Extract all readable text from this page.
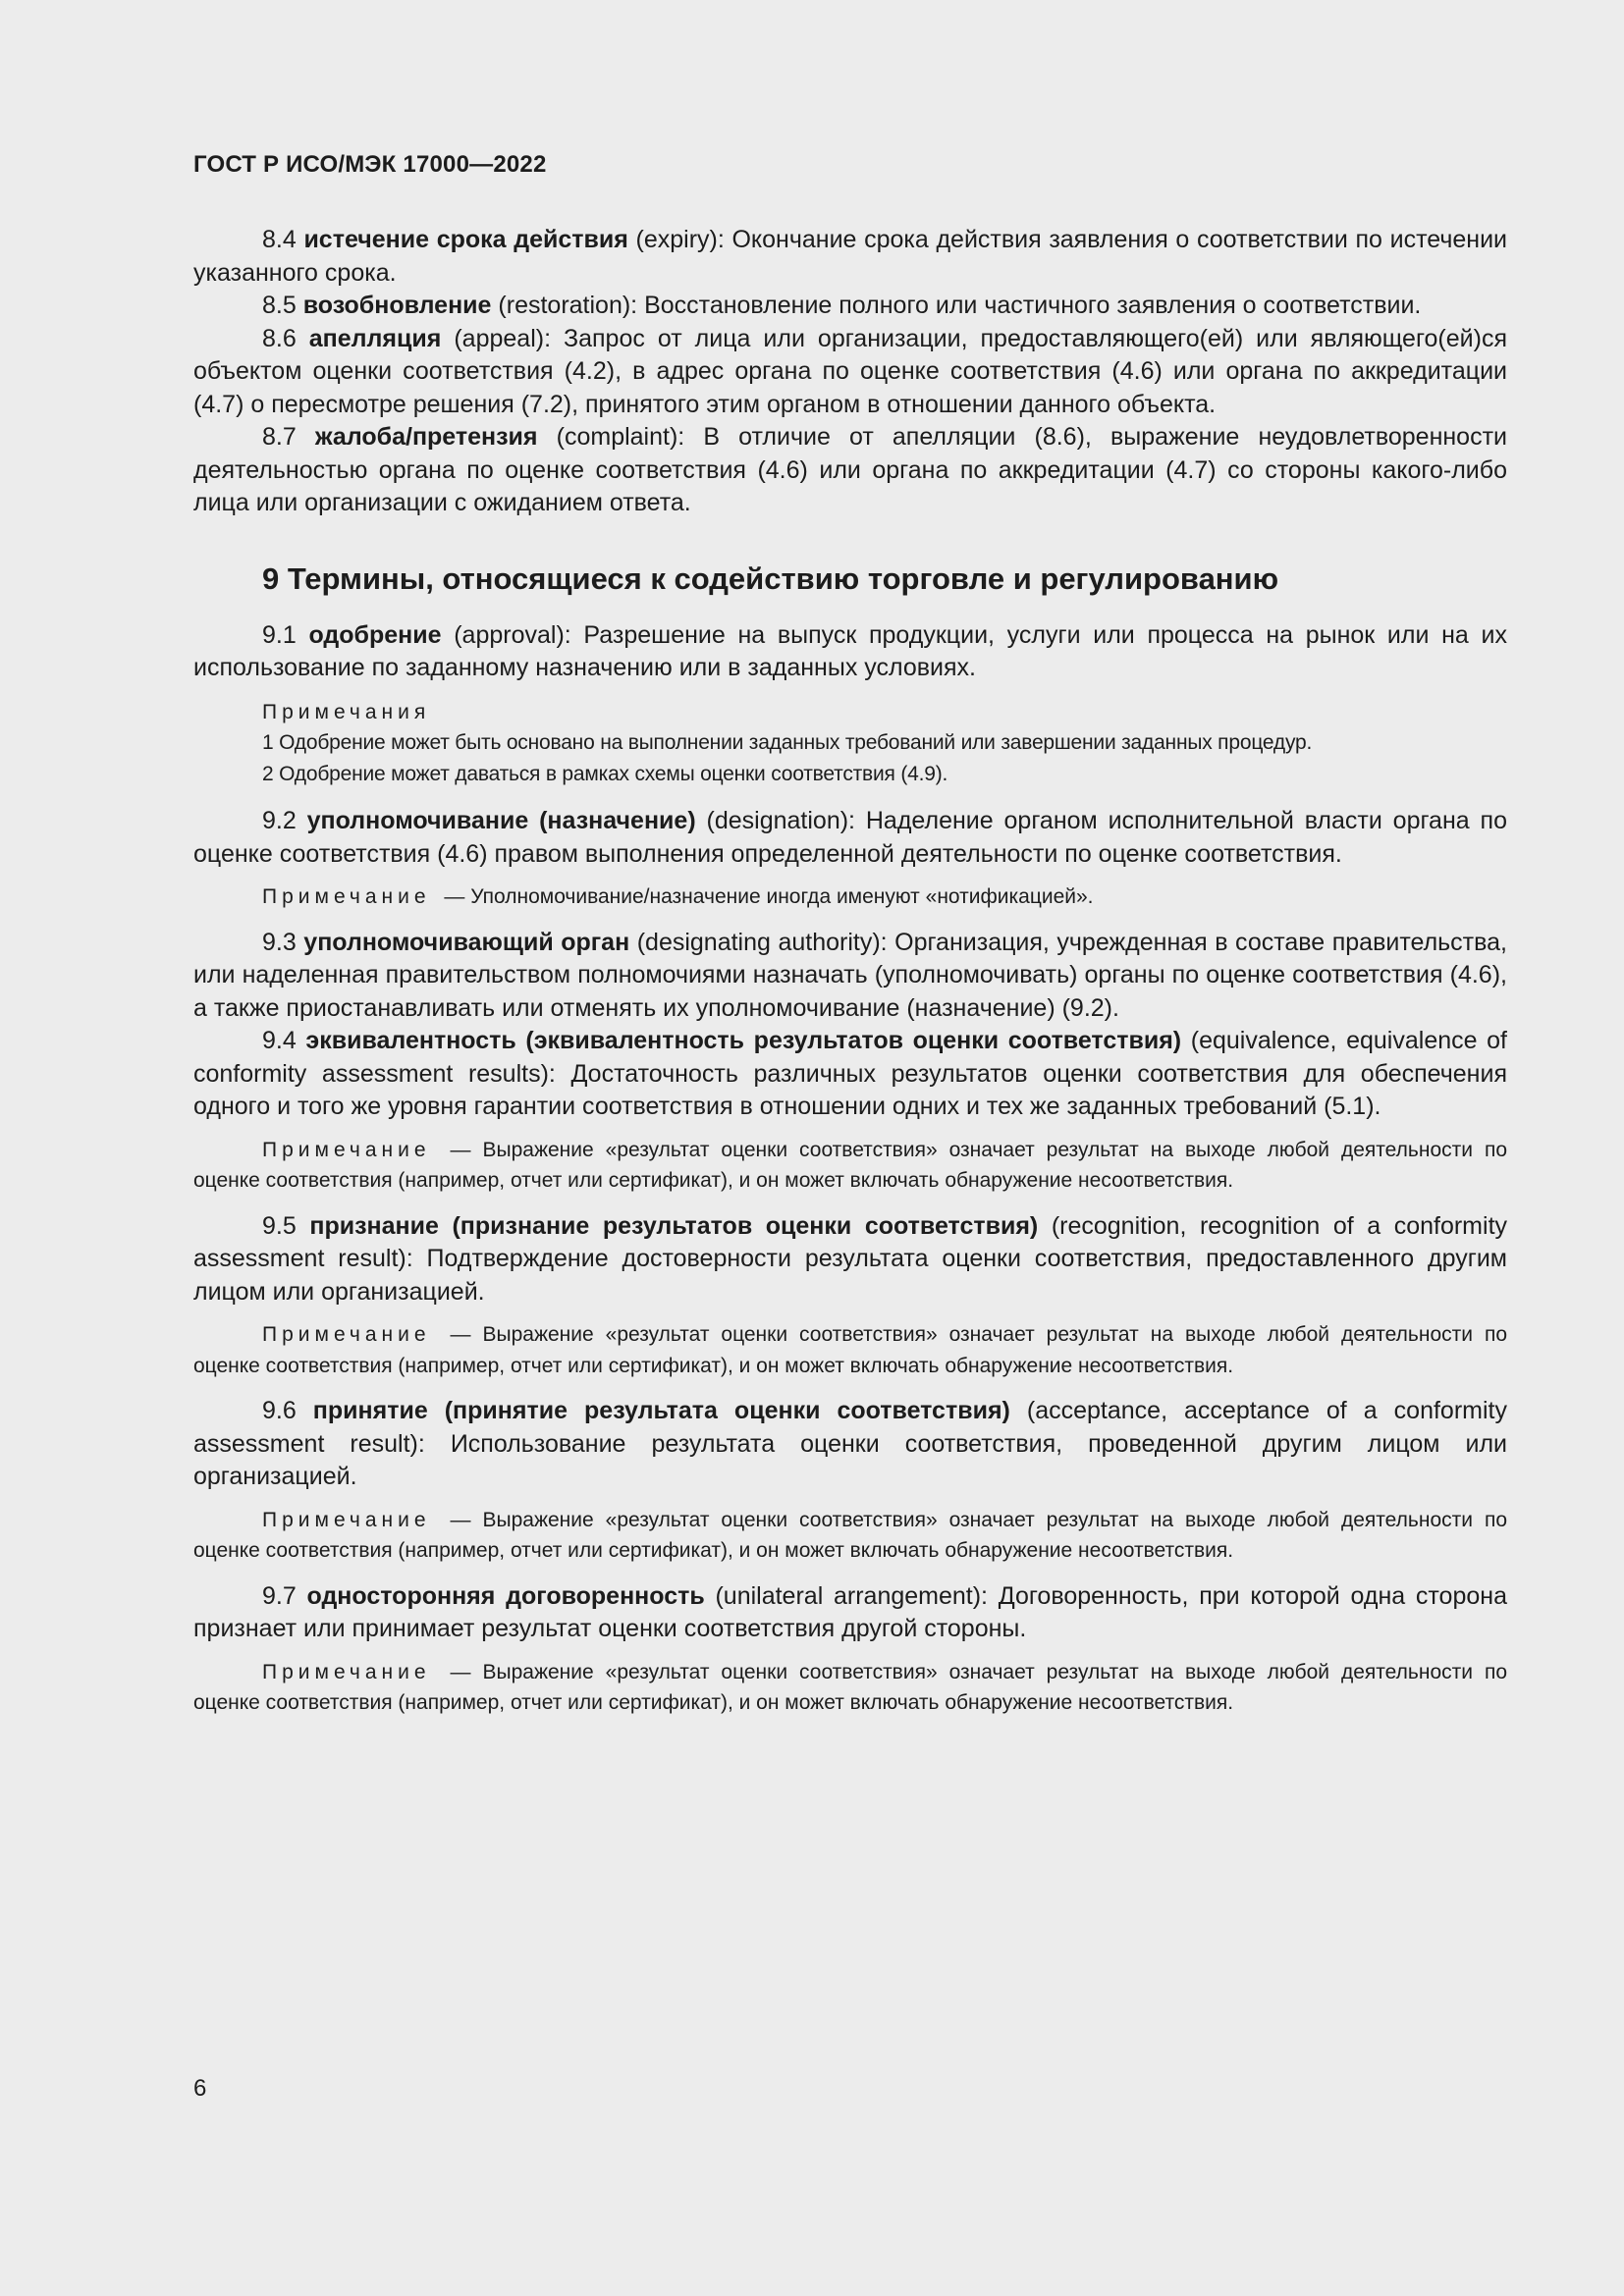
ГОСТ Р ИСО/МЭК 17000—2022

8.4 истечение срока действия (expiry): Окончание срока действия заявления о соответствии по истечении указанного срока.

8.5 возобновление (restoration): Восстановление полного или частичного заявления о соответствии.

8.6 апелляция (appeal): Запрос от лица или организации, предоставляющего(ей) или являющего(ей)ся объектом оценки соответствия (4.2), в адрес органа по оценке соответствия (4.6) или органа по аккредитации (4.7) о пересмотре решения (7.2), принятого этим органом в отношении данного объекта.

8.7 жалоба/претензия (complaint): В отличие от апелляции (8.6), выражение неудовлетворенности деятельностью органа по оценке соответствия (4.6) или органа по аккредитации (4.7) со стороны какого-либо лица или организации с ожиданием ответа.

9 Термины, относящиеся к содействию торговле и регулированию

9.1 одобрение (approval): Разрешение на выпуск продукции, услуги или процесса на рынок или на их использование по заданному назначению или в заданных условиях.

Примечания
1 Одобрение может быть основано на выполнении заданных требований или завершении заданных процедур.
2 Одобрение может даваться в рамках схемы оценки соответствия (4.9).

9.2 уполномочивание (назначение) (designation): Наделение органом исполнительной власти органа по оценке соответствия (4.6) правом выполнения определенной деятельности по оценке соответствия.

Примечание — Уполномочивание/назначение иногда именуют «нотификацией».

9.3 уполномочивающий орган (designating authority): Организация, учрежденная в составе правительства, или наделенная правительством полномочиями назначать (уполномочивать) органы по оценке соответствия (4.6), а также приостанавливать или отменять их уполномочивание (назначение) (9.2).

9.4 эквивалентность (эквивалентность результатов оценки соответствия) (equivalence, equivalence of conformity assessment results): Достаточность различных результатов оценки соответствия для обеспечения одного и того же уровня гарантии соответствия в отношении одних и тех же заданных требований (5.1).

Примечание — Выражение «результат оценки соответствия» означает результат на выходе любой деятельности по оценке соответствия (например, отчет или сертификат), и он может включать обнаружение несоответствия.

9.5 признание (признание результатов оценки соответствия) (recognition, recognition of a conformity assessment result): Подтверждение достоверности результата оценки соответствия, предоставленного другим лицом или организацией.

Примечание — Выражение «результат оценки соответствия» означает результат на выходе любой деятельности по оценке соответствия (например, отчет или сертификат), и он может включать обнаружение несоответствия.

9.6 принятие (принятие результата оценки соответствия) (acceptance, acceptance of a conformity assessment result): Использование результата оценки соответствия, проведенной другим лицом или организацией.

Примечание — Выражение «результат оценки соответствия» означает результат на выходе любой деятельности по оценке соответствия (например, отчет или сертификат), и он может включать обнаружение несоответствия.

9.7 односторонняя договоренность (unilateral arrangement): Договоренность, при которой одна сторона признает или принимает результат оценки соответствия другой стороны.

Примечание — Выражение «результат оценки соответствия» означает результат на выходе любой деятельности по оценке соответствия (например, отчет или сертификат), и он может включать обнаружение несоответствия.
6
